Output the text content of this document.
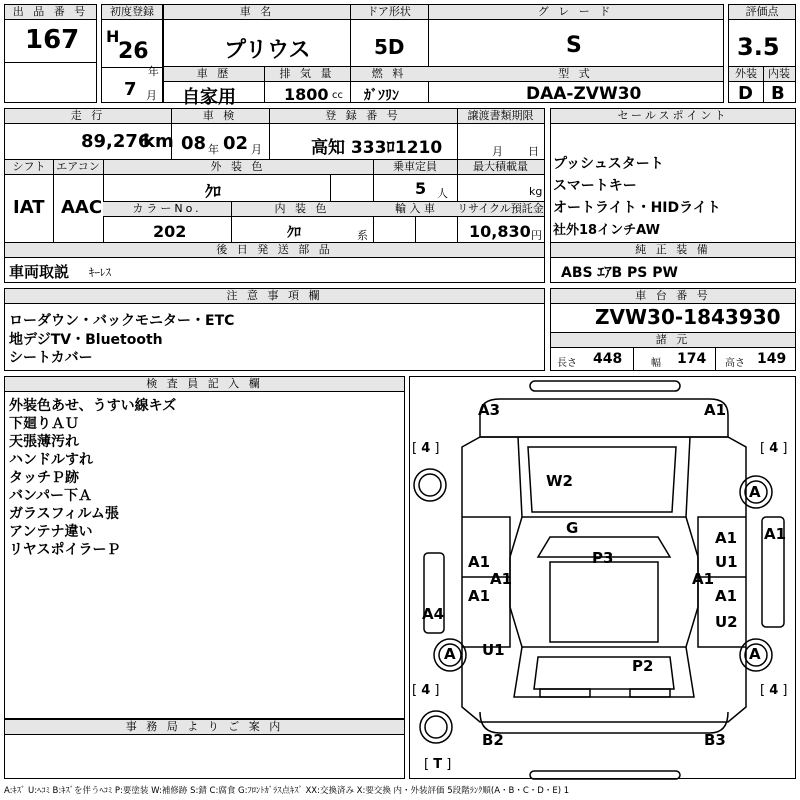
出 品 番 号
167
初度登録
H
26
年
7 月
車 名	ドア形状	グ レ ー ド
プリウス	5D	S
車 歴	排 気 量	燃 料	型 式
自家用	1800 cc ｶﾞｿﾘﾝ	DAA-ZVW30
評価点
3.5
外装	内装
D B
走 行	車 検	登 録 番 号	譲渡書類期限
89,276
km 08 年 02 月	高知 333ﾛ1210	月 日
シフト エアコン	外 装 色	乗車定員	最大積載量
IAT AAC
ｸﾛ	5 人	kg
カラーNo.	内 装 色	輸 入 車	リサイクル預託金
202	ｸﾛ	系	10,830 円
後 日 発 送 部 品
車両取説 ｷｰﾚｽ
セールスポイント
プッシュスタート
スマートキー
オートライト・HIDライト
社外18インチAW
純 正 装 備
ABS ｴｱB PS PW
注 意 事 項 欄
ローダウン・バックモニター・ETC
地デジTV・Bluetooth
シートカバー
車 台 番 号
ZVW30-1843930
諸 元
長さ 448	幅 174 高さ 149
検 査 員 記 入 欄
外装色あせ、うすい線キズ
下廻りＡＵ
天張薄汚れ
ハンドルすれ
タッチＰ跡
バンパー下Ａ
ガラスフィルム張
アンテナ違い
リヤスポイラーＰ
事 務 局 よ り ご 案 内
[ 4 ]	[ 4 ]
[ 4 ]	[ 4 ]
[ T ]
A3	A1
W2
G
A1
A1
P3
A1
A1
U1
A1
A1	A1
A4	U2
A
A	A
U1
P2
B2	B3
A:ｷｽﾞ U:ﾍｺﾐ B:ｷｽﾞを伴うﾍｺﾐ P:要塗装 W:補修跡 S:錆 C:腐食 G:ﾌﾛﾝﾄｶﾞﾗｽ点ｷｽﾞ XX:交換済み X:要交換 内・外装評価 5段階ﾗﾝｸ順(A・B・C・D・E) 1
